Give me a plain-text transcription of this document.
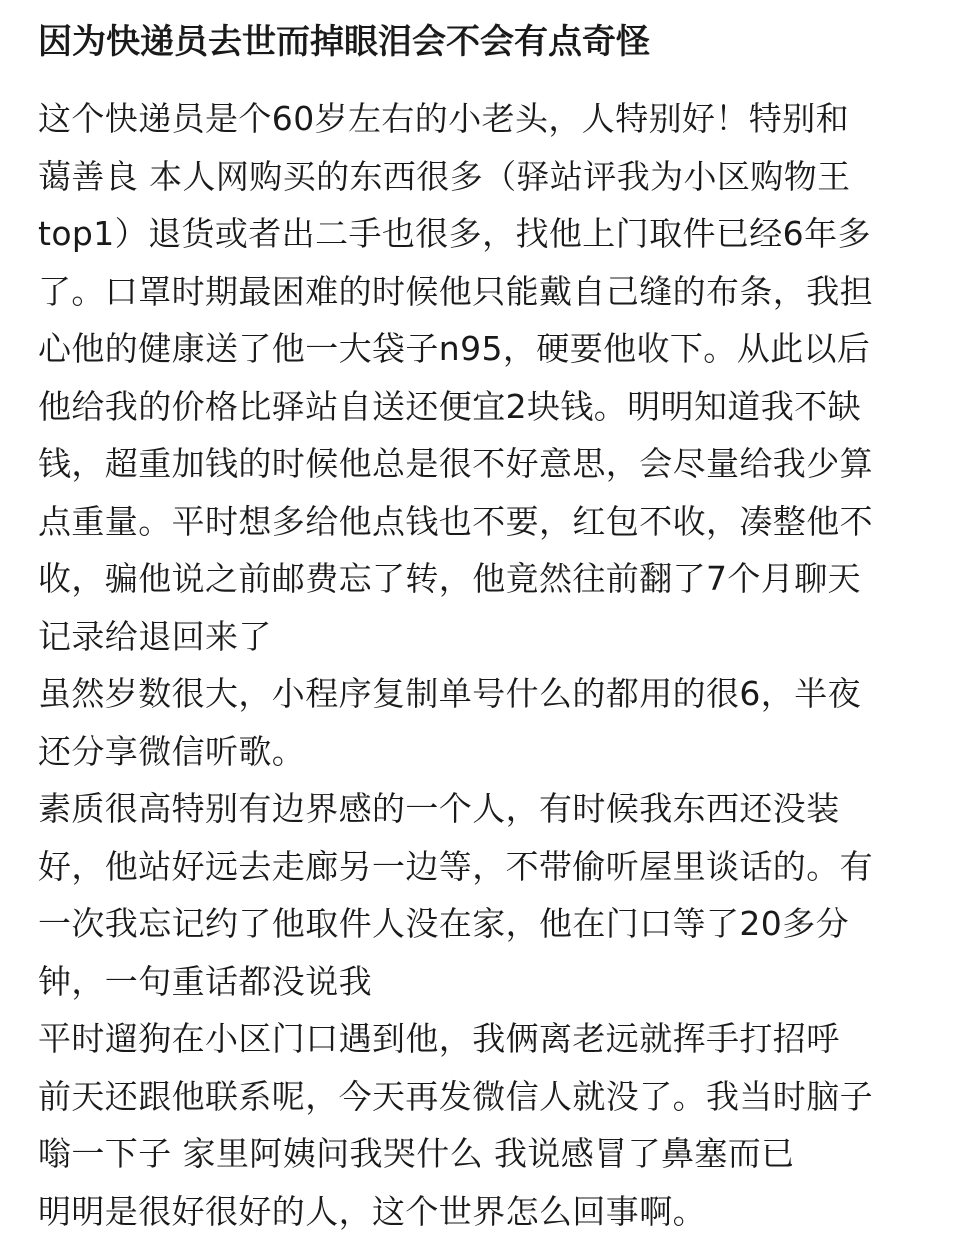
因为快递员去世而掉眼泪会不会有点奇怪
这个快递员是个60岁左右的小老头，人特别好！特别和
蔼善良 本人网购买的东西很多（驿站评我为小区购物王
top1）退货或者出二手也很多，找他上门取件已经6年多
了。口罩时期最困难的时候他只能戴自己缝的布条，我担
心他的健康送了他一大袋子n95，硬要他收下。从此以后
他给我的价格比驿站自送还便宜2块钱。明明知道我不缺
钱，超重加钱的时候他总是很不好意思，会尽量给我少算
点重量。平时想多给他点钱也不要，红包不收，凑整他不
收，骗他说之前邮费忘了转，他竟然往前翻了7个月聊天
记录给退回来了
虽然岁数很大，小程序复制单号什么的都用的很6，半夜
还分享微信听歌。
素质很高特别有边界感的一个人，有时候我东西还没装
好，他站好远去走廊另一边等，不带偷听屋里谈话的。有
一次我忘记约了他取件人没在家，他在门口等了20多分
钟，一句重话都没说我
平时遛狗在小区门口遇到他，我俩离老远就挥手打招呼
前天还跟他联系呢，今天再发微信人就没了。我当时脑子
嗡一下子 家里阿姨问我哭什么 我说感冒了鼻塞而已
明明是很好很好的人，这个世界怎么回事啊。
